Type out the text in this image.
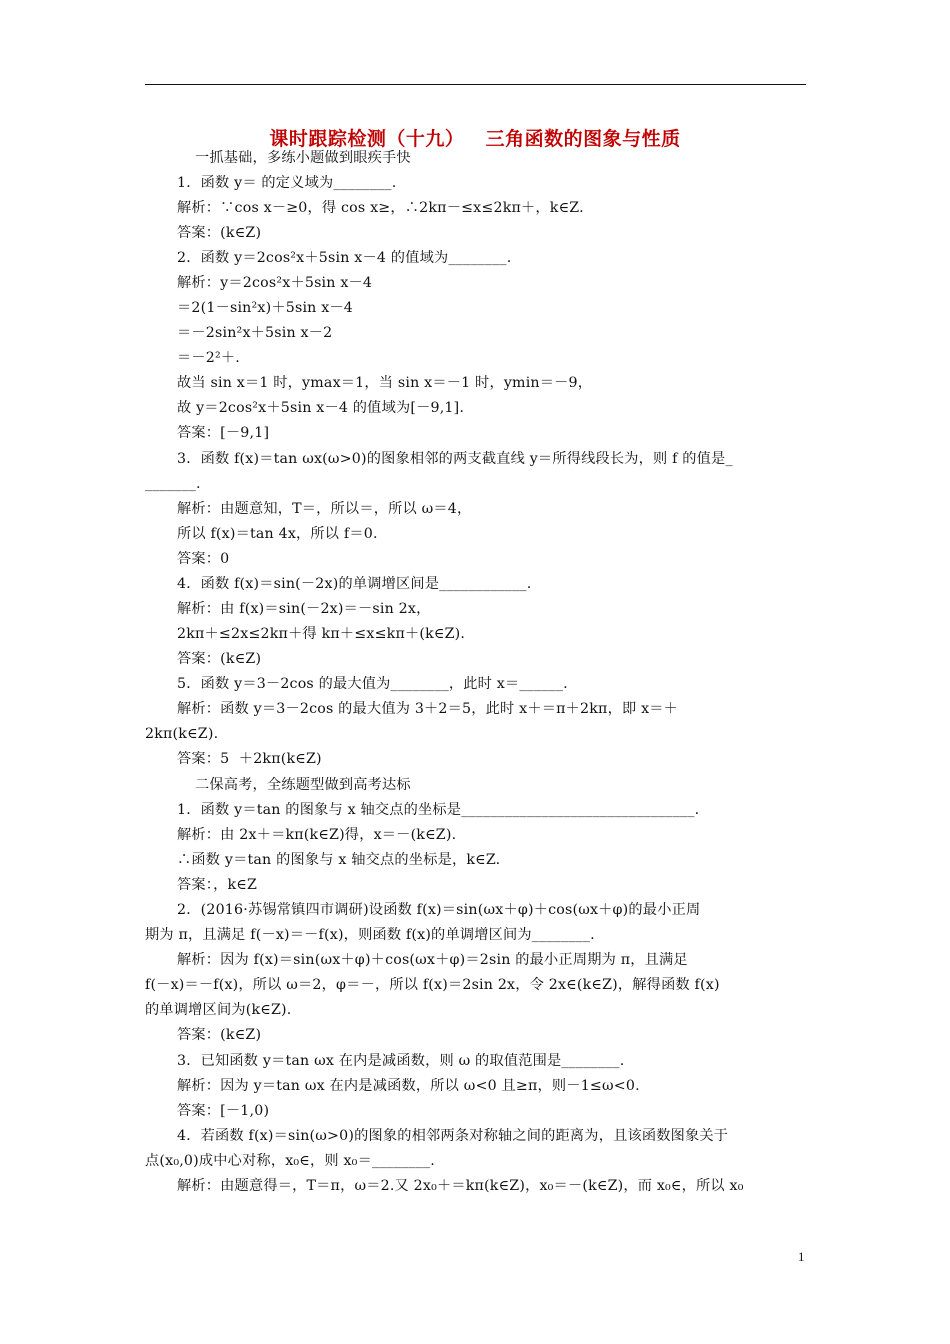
课时跟踪检测（十九）   三角函数的图象与性质
一抓基础，多练小题做到眼疾手快
1．函数 y＝ 的定义域为________.
解析：∵cos x－≥0，得 cos x≥，∴2kπ－≤x≤2kπ＋，k∈Z.
答案：(k∈Z)
2．函数 y＝2cos²x＋5sin x－4 的值域为________.
解析：y＝2cos²x＋5sin x－4
＝2(1－sin²x)＋5sin x－4
＝－2sin²x＋5sin x－2
＝－2²＋.
故当 sin x＝1 时，ymax＝1，当 sin x＝－1 时，ymin＝－9，
故 y＝2cos²x＋5sin x－4 的值域为[－9,1].
答案：[－9,1]
3．函数 f(x)＝tan ωx(ω>0)的图象相邻的两支截直线 y＝所得线段长为，则 f 的值是_
_______.
解析：由题意知，T＝，所以＝，所以 ω＝4，
所以 f(x)＝tan 4x，所以 f＝0.
答案：0
4．函数 f(x)＝sin(－2x)的单调增区间是____________.
解析：由 f(x)＝sin(－2x)＝－sin 2x，
2kπ＋≤2x≤2kπ＋得 kπ＋≤x≤kπ＋(k∈Z).
答案：(k∈Z)
5．函数 y＝3－2cos 的最大值为________，此时 x＝______.
解析：函数 y＝3－2cos 的最大值为 3＋2＝5，此时 x＋＝π＋2kπ，即 x＝＋
2kπ(k∈Z).
答案：5  ＋2kπ(k∈Z)
二保高考，全练题型做到高考达标
1．函数 y＝tan 的图象与 x 轴交点的坐标是________________________________.
解析：由 2x＋＝kπ(k∈Z)得，x＝－(k∈Z).
∴函数 y＝tan 的图象与 x 轴交点的坐标是，k∈Z.
答案：，k∈Z
2．(2016·苏锡常镇四市调研)设函数 f(x)＝sin(ωx＋φ)＋cos(ωx＋φ)的最小正周
期为 π，且满足 f(－x)＝－f(x)，则函数 f(x)的单调增区间为________.
解析：因为 f(x)＝sin(ωx＋φ)＋cos(ωx＋φ)＝2sin 的最小正周期为 π，且满足
f(－x)＝－f(x)，所以 ω＝2，φ＝－，所以 f(x)＝2sin 2x，令 2x∈(k∈Z)，解得函数 f(x)
的单调增区间为(k∈Z).
答案：(k∈Z)
3．已知函数 y＝tan ωx 在内是减函数，则 ω 的取值范围是________.
解析：因为 y＝tan ωx 在内是减函数，所以 ω<0 且≥π，则－1≤ω<0.
答案：[－1,0)
4．若函数 f(x)＝sin(ω>0)的图象的相邻两条对称轴之间的距离为，且该函数图象关于
点(x₀,0)成中心对称，x₀∈，则 x₀＝________.
解析：由题意得＝，T＝π，ω＝2.又 2x₀＋＝kπ(k∈Z)，x₀＝－(k∈Z)，而 x₀∈，所以 x₀
1
